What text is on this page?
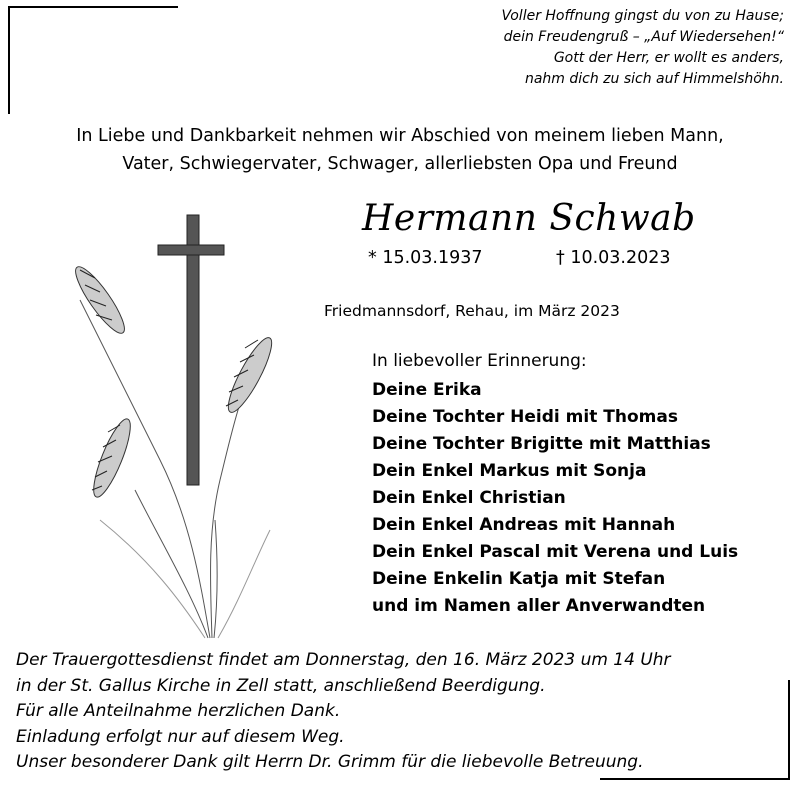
Voller Hoffnung gingst du von zu Hause;
dein Freudengruß – „Auf Wiedersehen!“
Gott der Herr, er wollt es anders,
nahm dich zu sich auf Himmelshöhn.
In Liebe und Dankbarkeit nehmen wir Abschied von meinem lieben Mann,
Vater, Schwiegervater, Schwager, allerliebsten Opa und Freund
Hermann Schwab
* 15.03.1937	† 10.03.2023
Friedmannsdorf, Rehau, im März 2023
In liebevoller Erinnerung:
Deine Erika
Deine Tochter Heidi mit Thomas
Deine Tochter Brigitte mit Matthias
Dein Enkel Markus mit Sonja
Dein Enkel Christian
Dein Enkel Andreas mit Hannah
Dein Enkel Pascal mit Verena und Luis
Deine Enkelin Katja mit Stefan
und im Namen aller Anverwandten
Der Trauergottesdienst findet am Donnerstag, den 16. März 2023 um 14 Uhr
in der St. Gallus Kirche in Zell statt, anschließend Beerdigung.
Für alle Anteilnahme herzlichen Dank.
Einladung erfolgt nur auf diesem Weg.
Unser besonderer Dank gilt Herrn Dr. Grimm für die liebevolle Betreuung.
